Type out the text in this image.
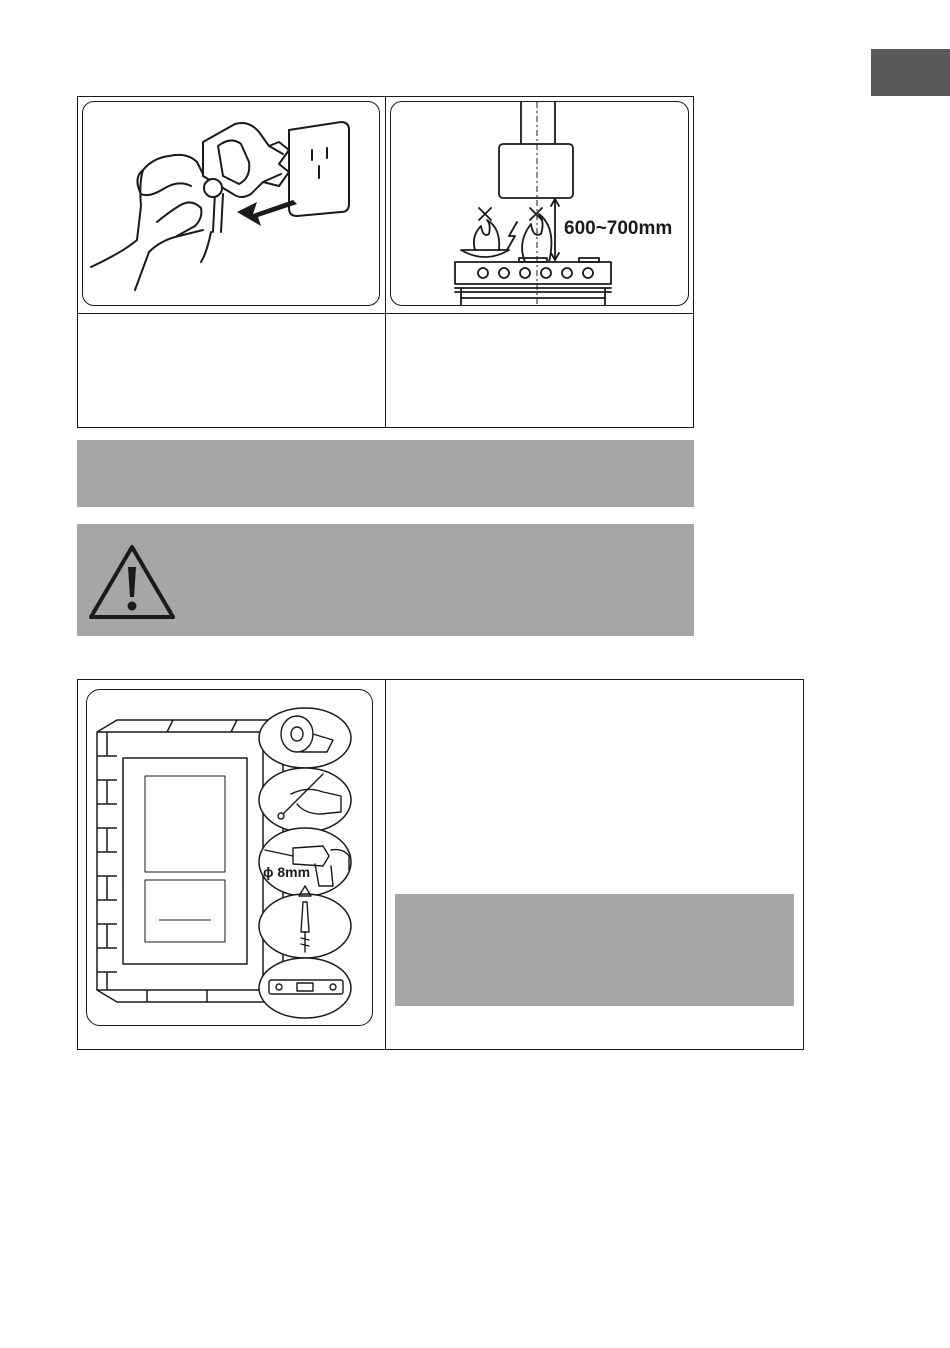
600~700mm
ɸ 8mm
